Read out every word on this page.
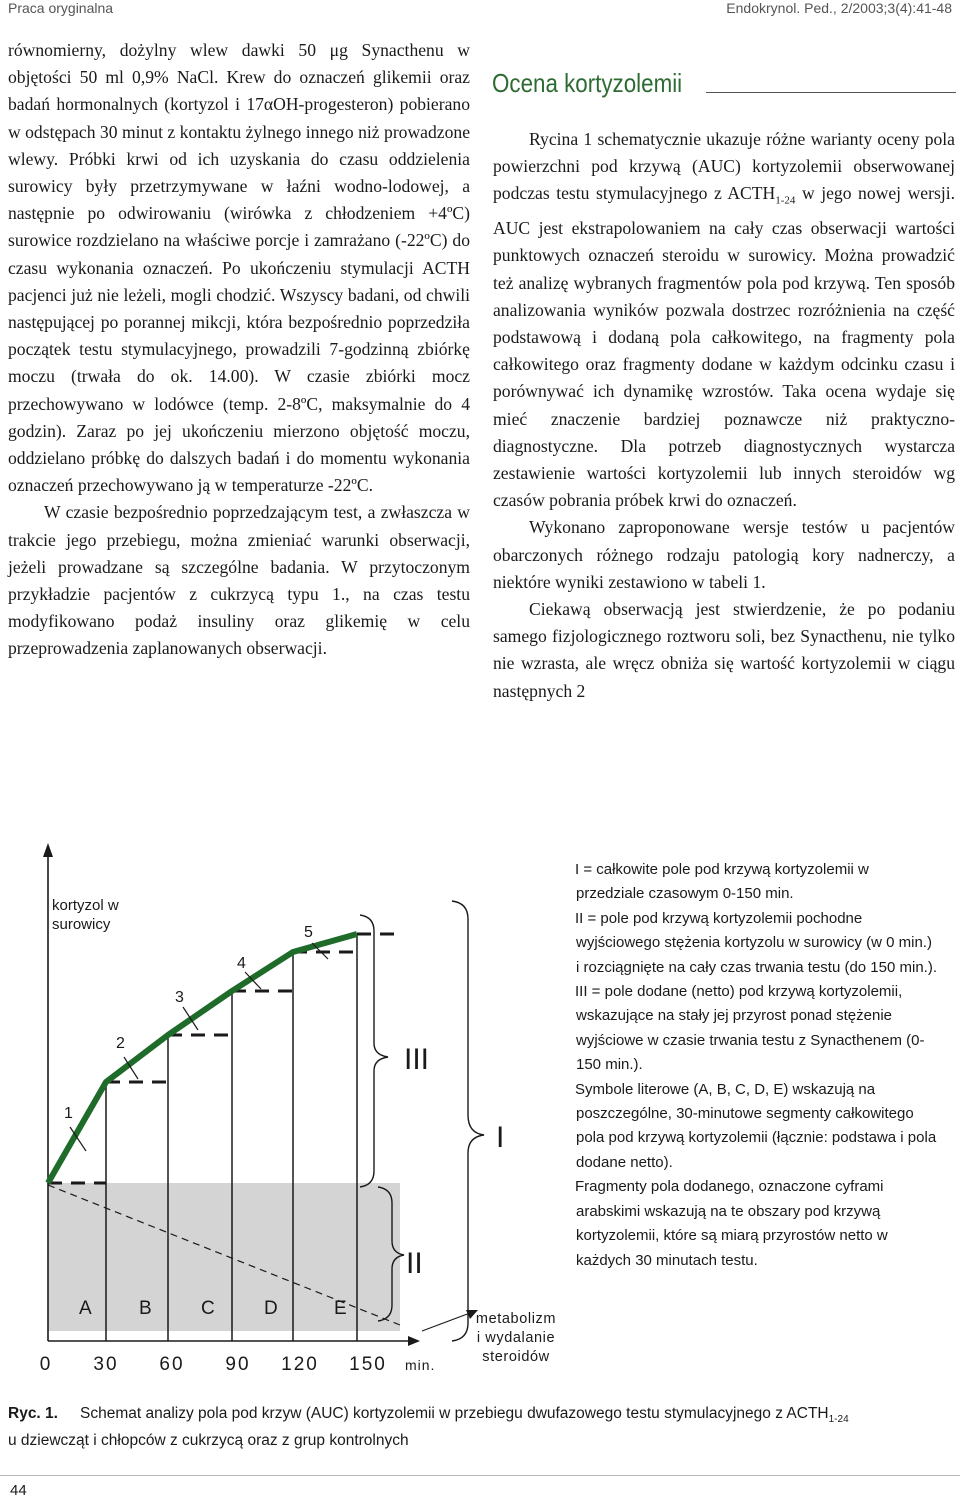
Praca oryginalna	Endokrynol. Ped., 2/2003;3(4):41-48

równomierny, dożylny wlew dawki 50 μg Synacthenu w objętości 50 ml 0,9% NaCl. Krew do oznaczeń glikemii oraz badań hormonalnych (kortyzol i 17αOH-progesteron) pobierano w odstępach 30 minut z kontaktu żylnego innego niż prowadzone wlewy. Próbki krwi od ich uzyskania do czasu oddzielenia surowicy były przetrzymywane w łaźni wodno-lodowej, a następnie po odwirowaniu (wirówka z chłodzeniem +4ºC) surowice rozdzielano na właściwe porcje i zamrażano (-22ºC) do czasu wykonania oznaczeń. Po ukończeniu stymulacji ACTH pacjenci już nie leżeli, mogli chodzić. Wszyscy badani, od chwili następującej po porannej mikcji, która bezpośrednio poprzedziła początek testu stymulacyjnego, prowadzili 7-godzinną zbiórkę moczu (trwała do ok. 14.00). W czasie zbiórki mocz przechowywano w lodówce (temp. 2-8ºC, maksymalnie do 4 godzin). Zaraz po jej ukończeniu mierzono objętość moczu, oddzielano próbkę do dalszych badań i do momentu wykonania oznaczeń przechowywano ją w temperaturze -22ºC.

W czasie bezpośrednio poprzedzającym test, a zwłaszcza w trakcie jego przebiegu, można zmieniać warunki obserwacji, jeżeli prowadzane są szczególne badania. W przytoczonym przykładzie pacjentów z cukrzycą typu 1., na czas testu modyfikowano podaż insuliny oraz glikemię w celu przeprowadzenia zaplanowanych obserwacji.

Ocena kortyzolemii

Rycina 1 schematycznie ukazuje różne warianty oceny pola powierzchni pod krzywą (AUC) kortyzolemii obserwowanej podczas testu stymulacyjnego z $ACTH_{1-24}$ w jego nowej wersji. AUC jest ekstrapolowaniem na cały czas obserwacji wartości punktowych oznaczeń steroidu w surowicy. Można prowadzić też analizę wybranych fragmentów pola pod krzywą. Ten sposób analizowania wyników pozwala dostrzec rozróżnienia na część podstawową i dodaną pola całkowitego, na fragmenty pola całkowitego oraz fragmenty dodane w każdym odcinku czasu i porównywać ich dynamikę wzrostów. Taka ocena wydaje się mieć znaczenie bardziej poznawcze niż praktyczno-diagnostyczne. Dla potrzeb diagnostycznych wystarcza zestawienie wartości kortyzolemii lub innych steroidów wg czasów pobrania próbek krwi do oznaczeń.

Wykonano zaproponowane wersje testów u pacjentów obarczonych różnego rodzaju patologią kory nadnerczy, a niektóre wyniki zestawiono w tabeli 1.

Ciekawą obserwacją jest stwierdzenie, że po podaniu samego fizjologicznego roztworu soli, bez Synacthenu, nie tylko nie wzrasta, ale wręcz obniża się wartość kortyzolemii w ciągu następnych 2

1
2
3
4
5
kortyzol w
surowicy
A B	C	D	E
0 30 60 90 120 150 min.
III
II
I
metabolizm
i wydalanie
steroidów

I = całkowite pole pod krzywą kortyzolemii w przedziale czasowym 0-150 min.

II = pole pod krzywą kortyzolemii pochodne wyjściowego stężenia kortyzolu w surowicy (w 0 min.) i rozciągnięte na cały czas trwania testu (do 150 min.).

III = pole dodane (netto) pod krzywą kortyzolemii, wskazujące na stały jej przyrost ponad stężenie wyjściowe w czasie trwania testu z Synacthenem (0-150 min.).

Symbole literowe (A, B, C, D, E) wskazują na poszczególne, 30-minutowe segmenty całkowitego pola pod krzywą kortyzolemii (łącznie: podstawa i pola dodane netto).

Fragmenty pola dodanego, oznaczone cyframi arabskimi wskazują na te obszary pod krzywą kortyzolemii, które są miarą przyrostów netto w każdych 30 minutach testu.

Ryc. 1. Schemat analizy pola pod krzyw (AUC) kortyzolemii w przebiegu dwufazowego testu stymulacyjnego z $ACTH_{1-24}$
u dziewcząt i chłopców z cukrzycą oraz z grup kontrolnych
44
